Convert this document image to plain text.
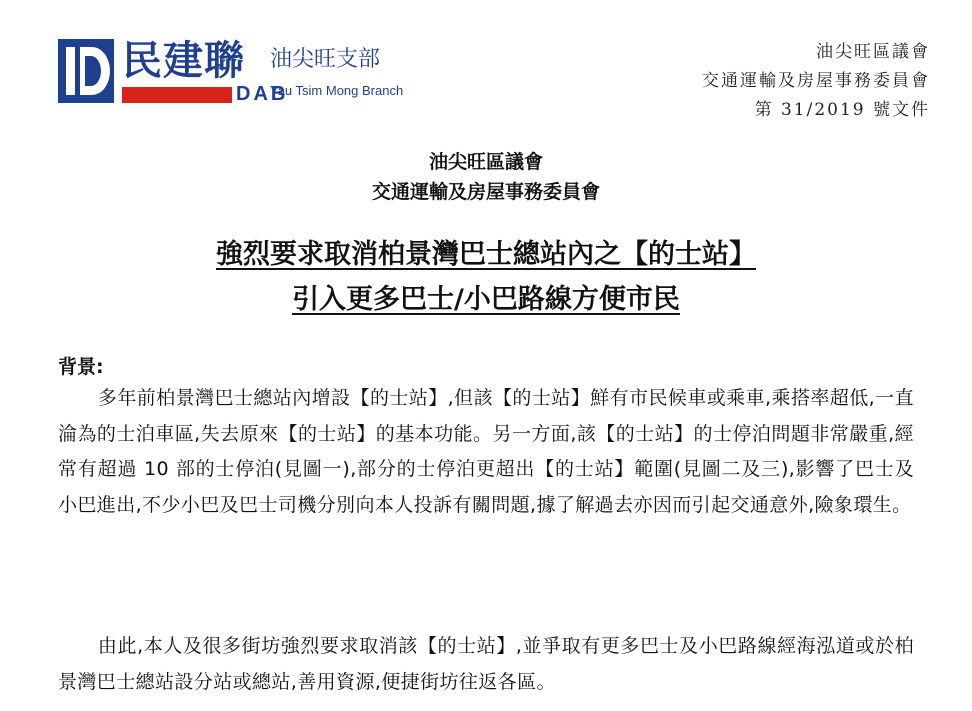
民建聯
DAB
油尖旺支部
Yau Tsim Mong Branch
油尖旺區議會
交通運輸及房屋事務委員會
第 31/2019 號文件
油尖旺區議會
交通運輸及房屋事務委員會
強烈要求取消柏景灣巴士總站內之【的士站】
引入更多巴士/小巴路線方便市民
背景:
多年前柏景灣巴士總站內增設【的士站】,但該【的士站】鮮有市民候車或乘車,乘搭率超低,一直淪為的士泊車區,失去原來【的士站】的基本功能。另一方面,該【的士站】的士停泊問題非常嚴重,經常有超過 10 部的士停泊(見圖一),部分的士停泊更超出【的士站】範圍(見圖二及三),影響了巴士及小巴進出,不少小巴及巴士司機分別向本人投訴有關問題,據了解過去亦因而引起交通意外,險象環生。
由此,本人及很多街坊強烈要求取消該【的士站】,並爭取有更多巴士及小巴路線經海泓道或於柏景灣巴士總站設分站或總站,善用資源,便捷街坊往返各區。
